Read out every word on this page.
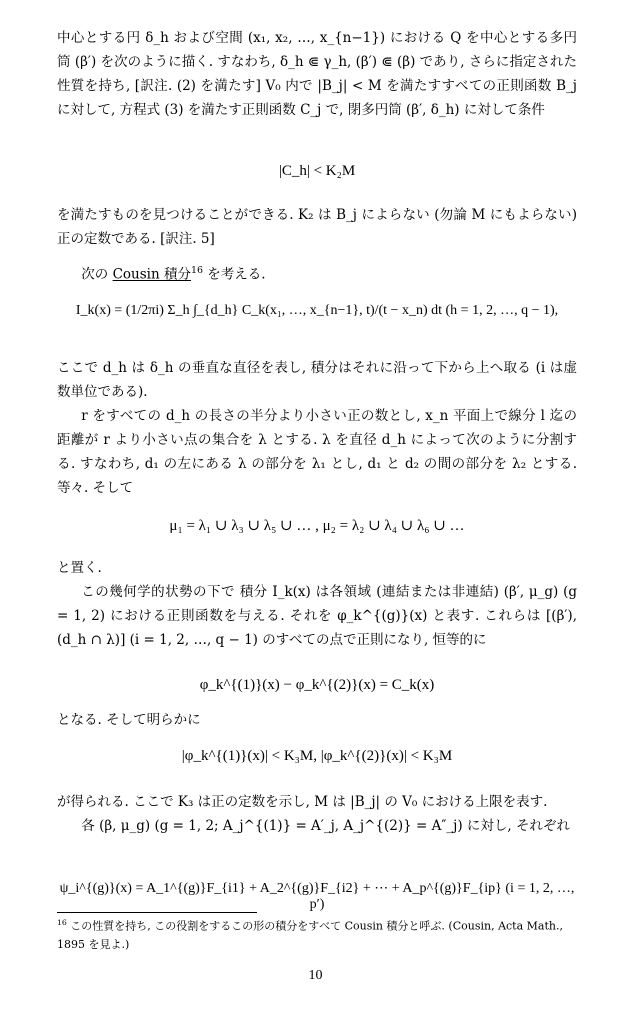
中心とする円 δ_h および空間 (x₁, x₂, …, x_{n−1}) における Q を中心とする多円筒 (β′) を次のように描く. すなわち, δ_h ⋐ γ_h, (β′) ⋐ (β) であり, さらに指定された性質を持ち, [訳注. (2) を満たす] V₀ 内で |B_j| < M を満たすすべての正則函数 B_j に対して, 方程式 (3) を満たす正則函数 C_j で, 閉多円筒 (β′, δ_h) に対して条件

|C_h| < K₂M

を満たすものを見つけることができる. K₂ は B_j によらない (勿論 M にもよらない) 正の定数である. [訳注. 5]

次の Cousin 積分$^{16}$ を考える.

I_k(x) = (1/2πi) Σ_h ∫_{d_h} C_k(x₁, …, x_{n−1}, t)/(t − x_n) dt (h = 1, 2, …, q − 1),

ここで d_h は δ_h の垂直な直径を表し, 積分はそれに沿って下から上へ取る (i は虚数単位である).

r をすべての d_h の長さの半分より小さい正の数とし, x_n 平面上で線分 l 迄の距離が r より小さい点の集合を λ とする. λ を直径 d_h によって次のように分割する. すなわち, d₁ の左にある λ の部分を λ₁ とし, d₁ と d₂ の間の部分を λ₂ とする. 等々. そして

μ₁ = λ₁ ∪ λ₃ ∪ λ₅ ∪ … , μ₂ = λ₂ ∪ λ₄ ∪ λ₆ ∪ …

と置く.

この幾何学的状勢の下で 積分 I_k(x) は各領域 (連結または非連結) (β′, μ_g) (g = 1, 2) における正則函数を与える. それを φ_k^{(g)}(x) と表す. これらは [(β′), (d_h ∩ λ)] (i = 1, 2, …, q − 1) のすべての点で正則になり, 恒等的に

φ_k^{(1)}(x) − φ_k^{(2)}(x) = C_k(x)

となる. そして明らかに

|φ_k^{(1)}(x)| < K₃M, |φ_k^{(2)}(x)| < K₃M

が得られる. ここで K₃ は正の定数を示し, M は |B_j| の V₀ における上限を表す.

各 (β, μ_g) (g = 1, 2; A_j^{(1)} = A′_j, A_j^{(2)} = A″_j) に対し, それぞれ

ψ_i^{(g)}(x) = A_1^{(g)}F_{i1} + A_2^{(g)}F_{i2} + ⋯ + A_p^{(g)}F_{ip} (i = 1, 2, …, p′)
$^{16}$ この性質を持ち, この役割をするこの形の積分をすべて Cousin 積分と呼ぶ. (Cousin, Acta Math., 1895 を見よ.)
10
